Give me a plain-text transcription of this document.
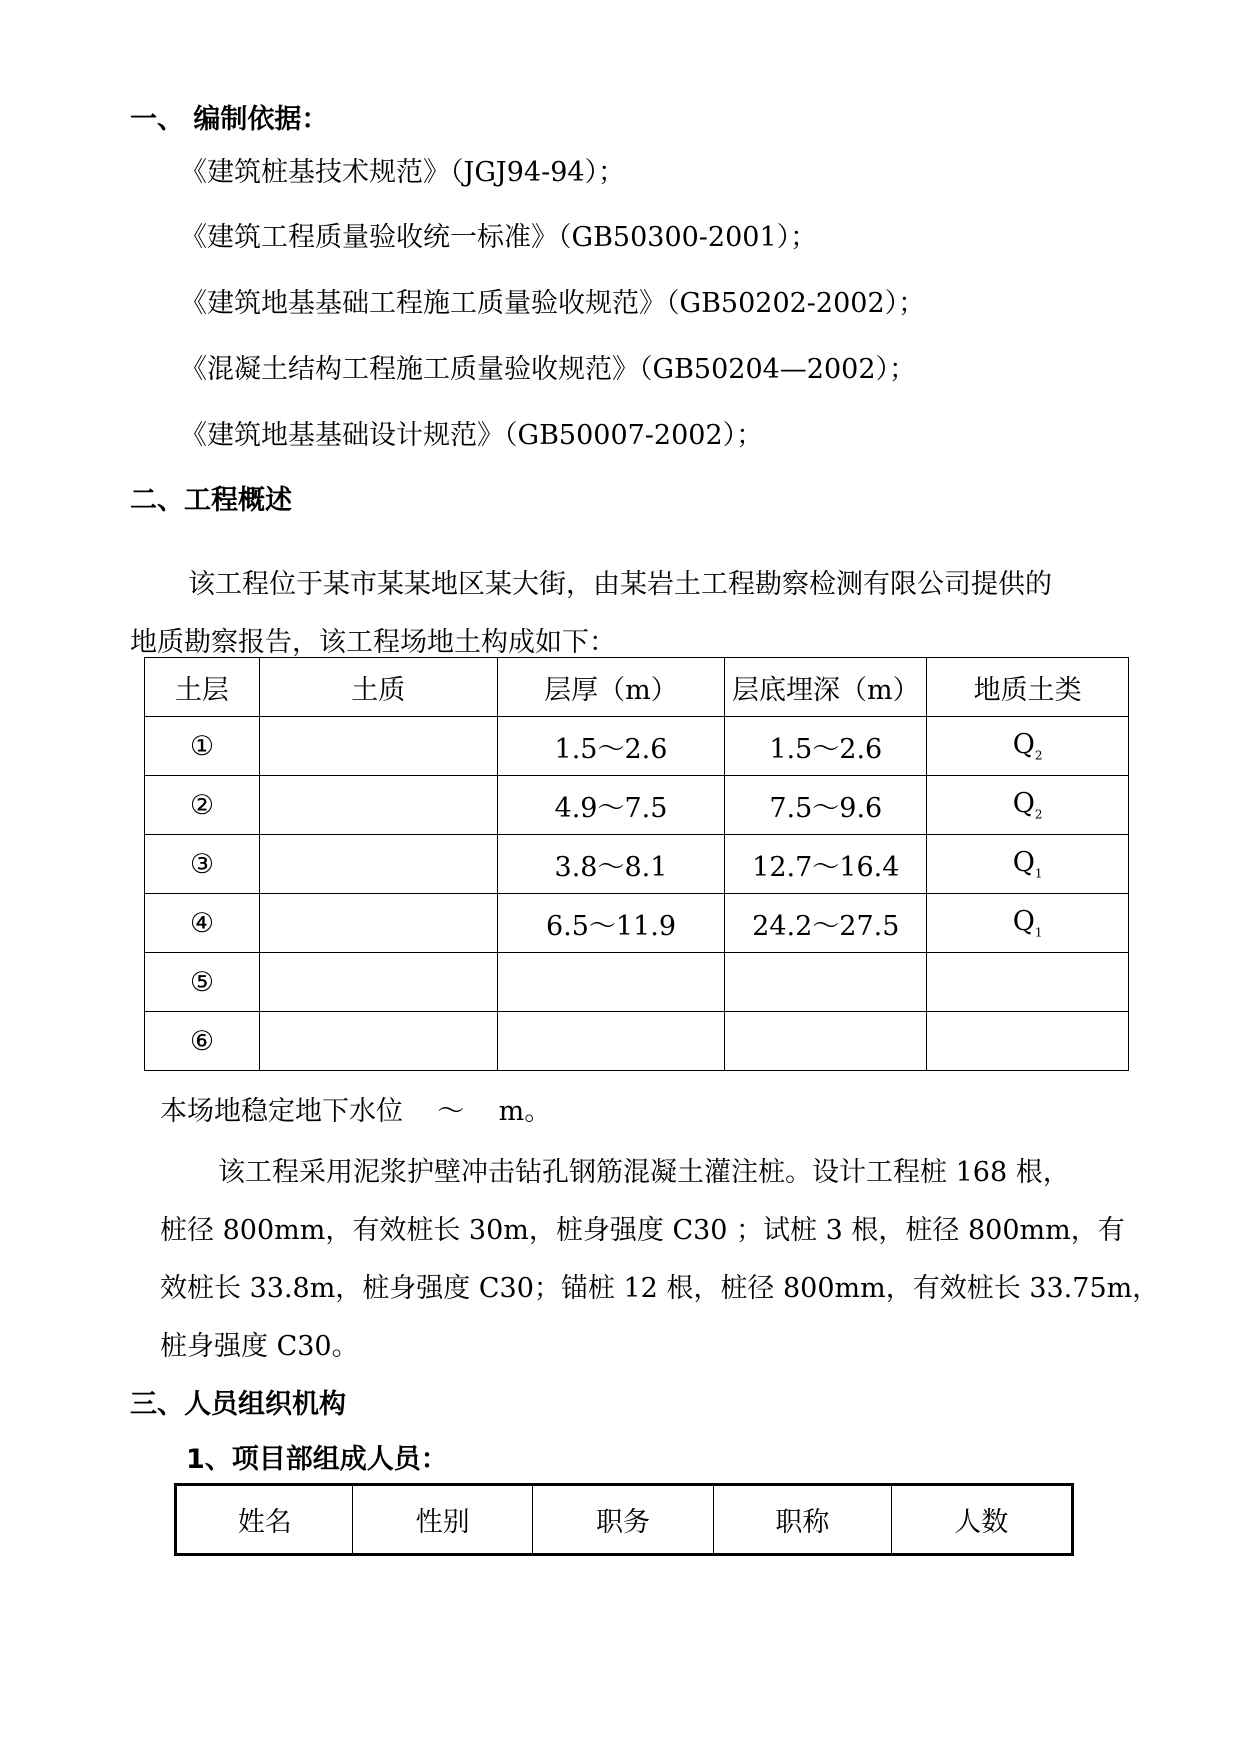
一、 编制依据：
《建筑桩基技术规范》（JGJ94-94）；
《建筑工程质量验收统一标准》（GB50300-2001）；
《建筑地基基础工程施工质量验收规范》（GB50202-2002）；
《混凝土结构工程施工质量验收规范》（GB50204—2002）；
《建筑地基基础设计规范》（GB50007-2002）；
二、工程概述
该工程位于某市某某地区某大街，由某岩土工程勘察检测有限公司提供的
地质勘察报告，该工程场地土构成如下：
土层	土质	层厚（m）	层底埋深（m）	地质土类
①		1.5～2.6	1.5～2.6	$Q_2$
②		4.9～7.5	7.5～9.6	$Q_2$
③		3.8～8.1	12.7～16.4	$Q_1$
④		6.5～11.9	24.2～27.5	$Q_1$
⑤				
⑥				
本场地稳定地下水位    ～    m。
该工程采用泥浆护壁冲击钻孔钢筋混凝土灌注桩。设计工程桩 168 根，
桩径 800mm，有效桩长 30m，桩身强度 C30 ；试桩 3 根，桩径 800mm，有
效桩长 33.8m，桩身强度 C30；锚桩 12 根，桩径 800mm，有效桩长 33.75m，
桩身强度 C30。
三、人员组织机构
1、项目部组成人员：
姓名	性别	职务	职称	人数
